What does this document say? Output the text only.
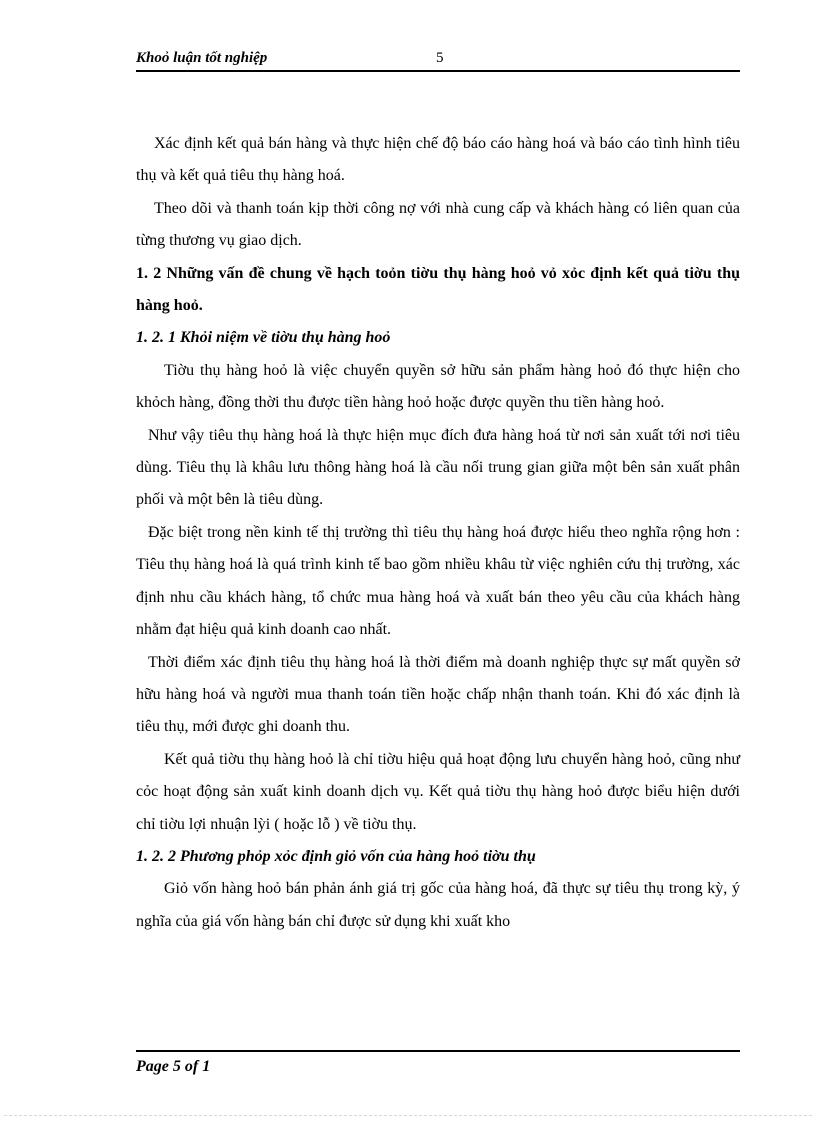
Khoỏ luận tốt nghiệp	5

Xác định kết quả bán hàng và thực hiện chế độ báo cáo hàng hoá và báo cáo tình hình tiêu thụ và kết quả tiêu thụ hàng hoá.

Theo dõi và thanh toán kịp thời công nợ với nhà cung cấp và khách hàng có liên quan của từng thương vụ giao dịch.

1. 2 Những vấn đề chung về hạch toỏn tiờu thụ hàng hoỏ vỏ xỏc định kết quả tiờu thụ hàng hoỏ.

1. 2. 1 Khỏi niệm về tiờu thụ hàng hoỏ

Tiờu thụ hàng hoỏ là việc chuyển quyền sở hữu sản phẩm hàng hoỏ đó thực hiện cho khỏch hàng, đồng thời thu được tiền hàng hoỏ hoặc được quyền thu tiền hàng hoỏ.

Như vậy tiêu thụ hàng hoá là thực hiện mục đích đưa hàng hoá từ nơi sản xuất tới nơi tiêu dùng. Tiêu thụ là khâu lưu thông hàng hoá là cầu nối trung gian giữa một bên sản xuất phân phối và một bên là tiêu dùng.

Đặc biệt trong nền kinh tế thị trường thì tiêu thụ hàng hoá được hiểu theo nghĩa rộng hơn : Tiêu thụ hàng hoá là quá trình kinh tế bao gồm nhiều khâu từ việc nghiên cứu thị trường, xác định nhu cầu khách hàng, tổ chức mua hàng hoá và xuất bán theo yêu cầu của khách hàng nhằm đạt hiệu quả kinh doanh cao nhất.

Thời điểm xác định tiêu thụ hàng hoá là thời điểm mà doanh nghiệp thực sự mất quyền sở hữu hàng hoá và người mua thanh toán tiền hoặc chấp nhận thanh toán. Khi đó xác định là tiêu thụ, mới được ghi doanh thu.

Kết quả tiờu thụ hàng hoỏ là chỉ tiờu hiệu quả hoạt động lưu chuyển hàng hoỏ, cũng như cỏc hoạt động sản xuất kinh doanh dịch vụ. Kết quả tiờu thụ hàng hoỏ được biểu hiện dưới chỉ tiờu lợi nhuận lỳi ( hoặc lỗ ) về tiờu thụ.

1. 2. 2 Phương phỏp xỏc định giỏ vốn của hàng hoỏ tiờu thụ

Giỏ vốn hàng hoỏ bán phản ánh giá trị gốc của hàng hoá, đã thực sự tiêu thụ trong kỳ, ý nghĩa của giá vốn hàng bán chỉ được sử dụng khi xuất kho

Page 5 of 1
